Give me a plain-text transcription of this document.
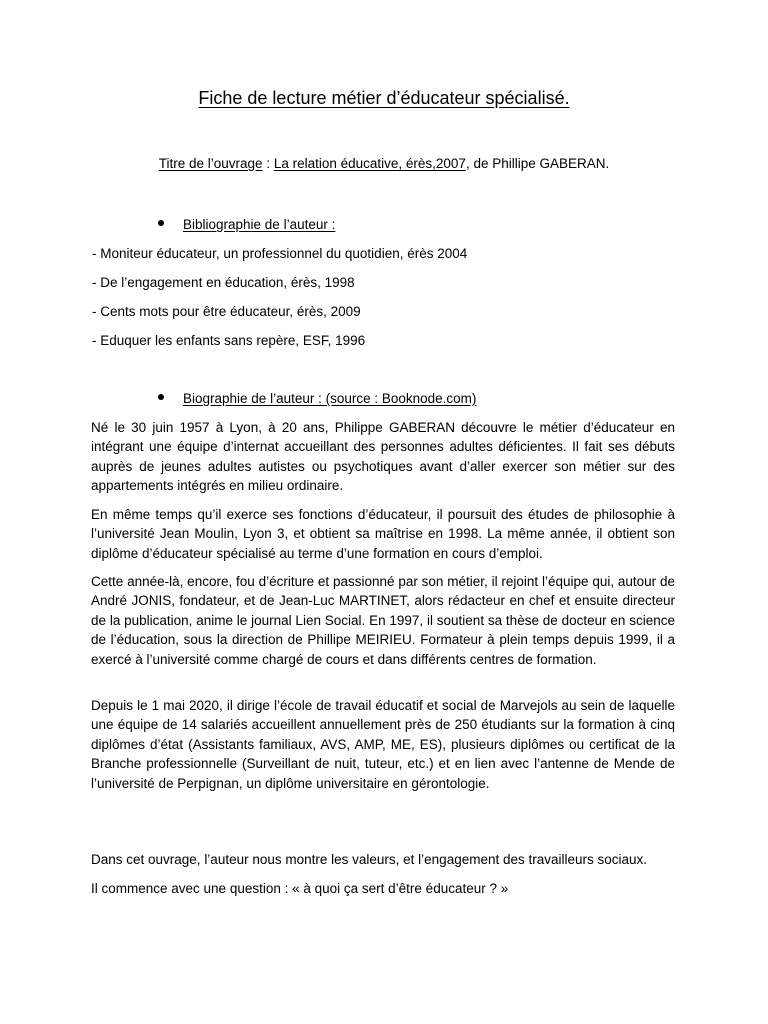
Fiche de lecture métier d’éducateur spécialisé.
Titre de l’ouvrage : La relation éducative, érès,2007, de Phillipe GABERAN.
Bibliographie de l’auteur :
- Moniteur éducateur, un professionnel du quotidien, érès 2004
- De l’engagement en éducation, érès, 1998
- Cents mots pour être éducateur, érès, 2009
- Eduquer les enfants sans repère, ESF, 1996
Biographie de l’auteur : (source : Booknode.com)

Né le 30 juin 1957 à Lyon, à 20 ans, Philippe GABERAN découvre le métier d’éducateur en intégrant une équipe d’internat accueillant des personnes adultes déficientes. Il fait ses débuts auprès de jeunes adultes autistes ou psychotiques avant d’aller exercer son métier sur des appartements intégrés en milieu ordinaire.

En même temps qu’il exerce ses fonctions d’éducateur, il poursuit des études de philosophie à l’université Jean Moulin, Lyon 3, et obtient sa maîtrise en 1998. La même année, il obtient son diplôme d’éducateur spécialisé au terme d’une formation en cours d’emploi.

Cette année-là, encore, fou d’écriture et passionné par son métier, il rejoint l’équipe qui, autour de André JONIS, fondateur, et de Jean-Luc MARTINET, alors rédacteur en chef et ensuite directeur de la publication, anime le journal Lien Social. En 1997, il soutient sa thèse de docteur en science de l’éducation, sous la direction de Phillipe MEIRIEU. Formateur à plein temps depuis 1999, il a exercé à l’université comme chargé de cours et dans différents centres de formation.

Depuis le 1 mai 2020, il dirige l’école de travail éducatif et social de Marvejols au sein de laquelle une équipe de 14 salariés accueillent annuellement près de 250 étudiants sur la formation à cinq diplômes d’état (Assistants familiaux, AVS, AMP, ME, ES), plusieurs diplômes ou certificat de la Branche professionnelle (Surveillant de nuit, tuteur, etc.) et en lien avec l’antenne de Mende de l’université de Perpignan, un diplôme universitaire en gérontologie.

Dans cet ouvrage, l’auteur nous montre les valeurs, et l’engagement des travailleurs sociaux.
Il commence avec une question : « à quoi ça sert d’être éducateur ? »
